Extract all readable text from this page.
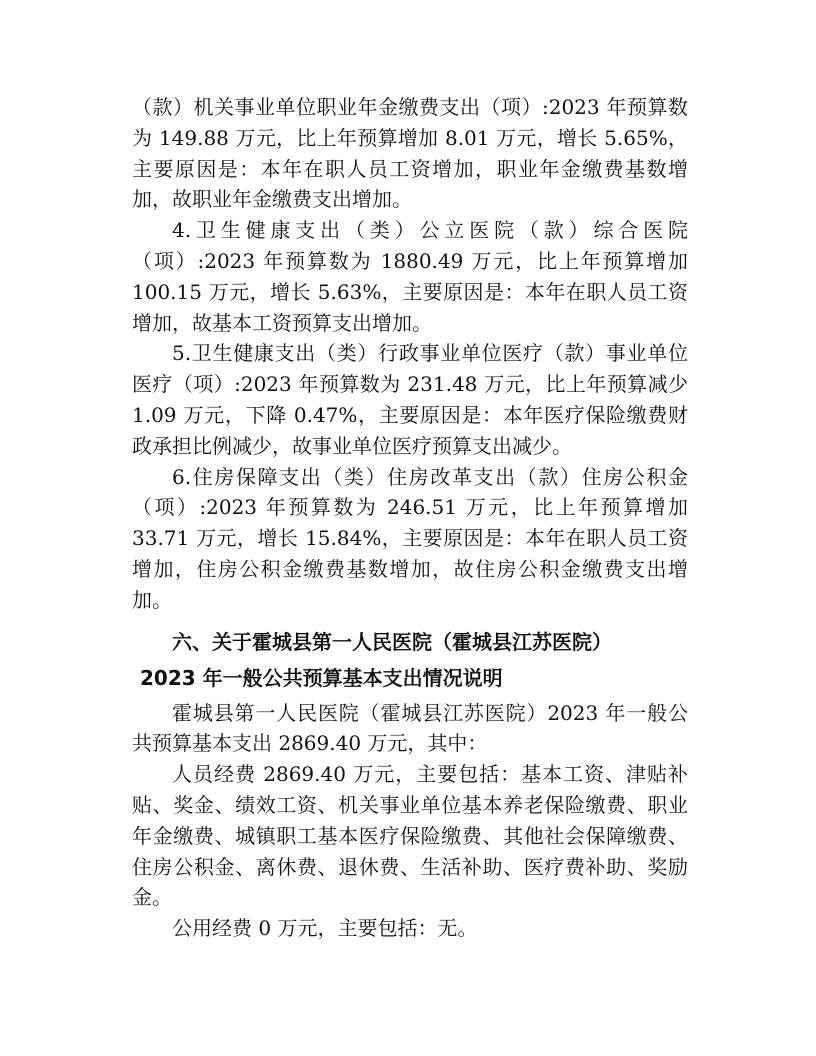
（款）机关事业单位职业年金缴费支出（项）:2023 年预算数为 149.88 万元，比上年预算增加 8.01 万元，增长 5.65%，主要原因是：本年在职人员工资增加，职业年金缴费基数增加，故职业年金缴费支出增加。

4.卫生健康支出（类）公立医院（款）综合医院（项）:2023 年预算数为 1880.49 万元，比上年预算增加 100.15 万元，增长 5.63%，主要原因是：本年在职人员工资增加，故基本工资预算支出增加。

5.卫生健康支出（类）行政事业单位医疗（款）事业单位医疗（项）:2023 年预算数为 231.48 万元，比上年预算减少 1.09 万元，下降 0.47%，主要原因是：本年医疗保险缴费财政承担比例减少，故事业单位医疗预算支出减少。

6.住房保障支出（类）住房改革支出（款）住房公积金（项）:2023 年预算数为 246.51 万元，比上年预算增加 33.71 万元，增长 15.84%，主要原因是：本年在职人员工资增加，住房公积金缴费基数增加，故住房公积金缴费支出增加。

六、关于霍城县第一人民医院（霍城县江苏医院）
2023 年一般公共预算基本支出情况说明

霍城县第一人民医院（霍城县江苏医院）2023 年一般公共预算基本支出 2869.40 万元，其中：

人员经费 2869.40 万元，主要包括：基本工资、津贴补贴、奖金、绩效工资、机关事业单位基本养老保险缴费、职业年金缴费、城镇职工基本医疗保险缴费、其他社会保障缴费、住房公积金、离休费、退休费、生活补助、医疗费补助、奖励金。

公用经费 0 万元，主要包括：无。
